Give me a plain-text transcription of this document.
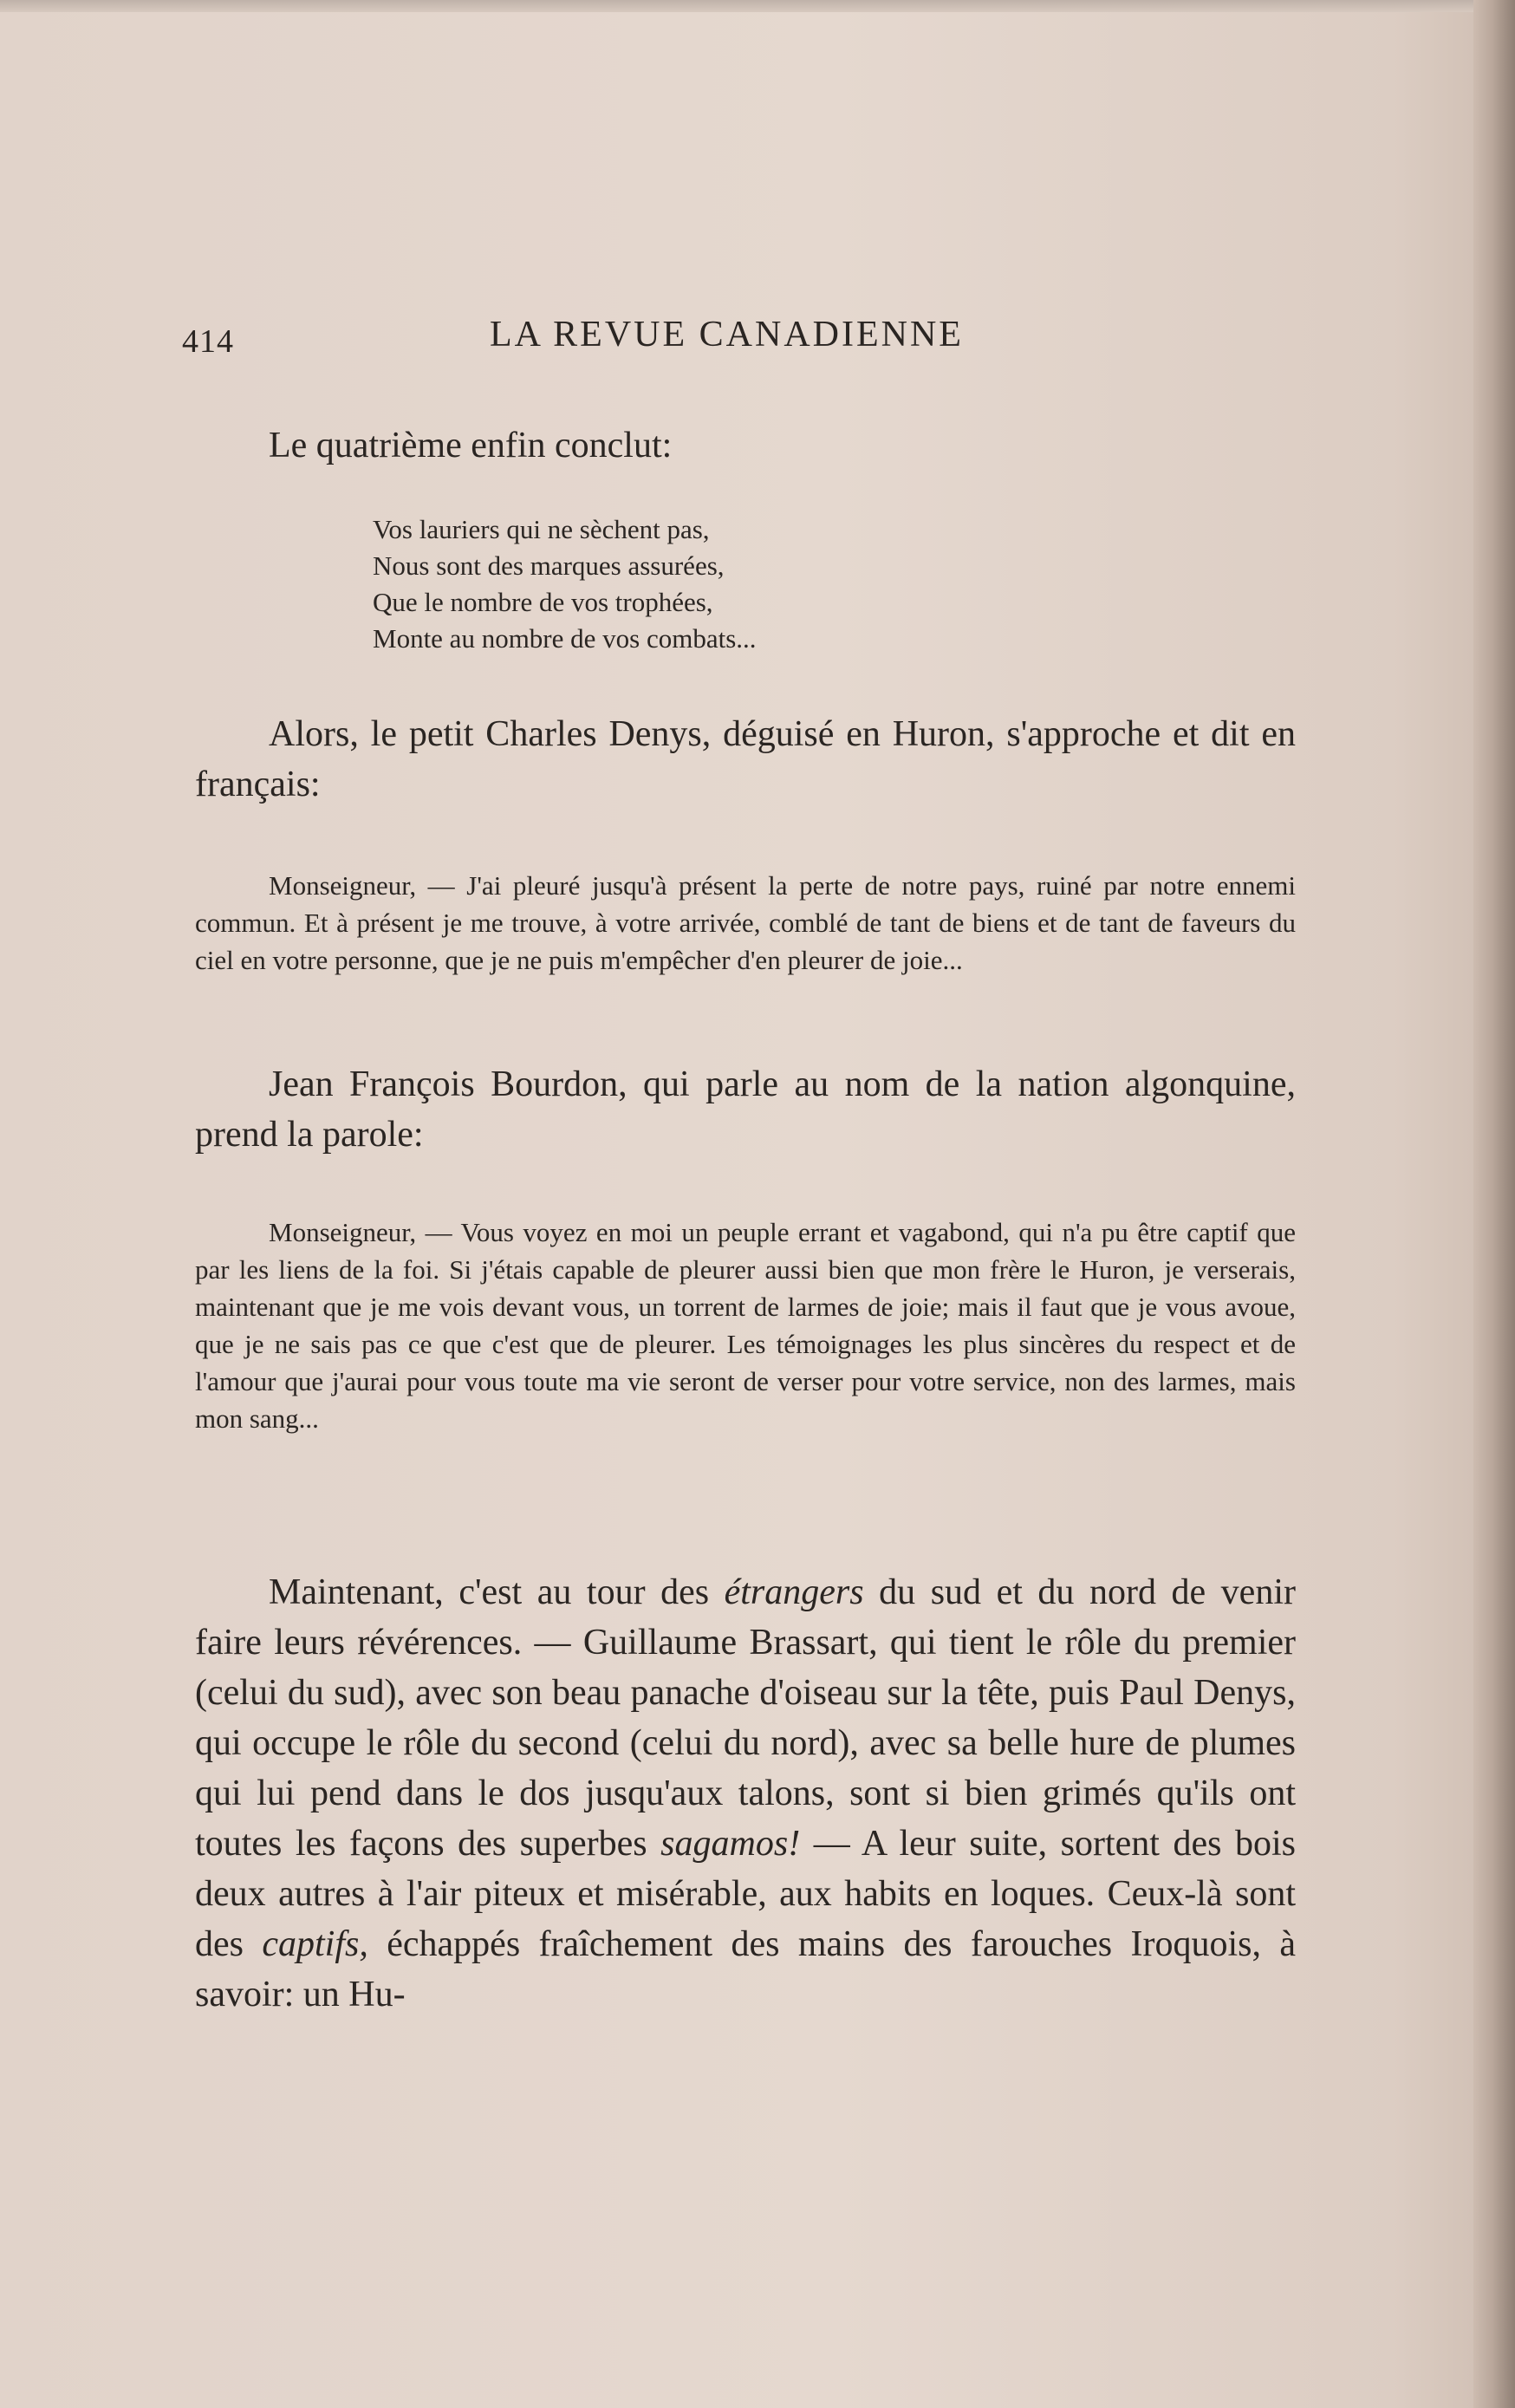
414	LA REVUE CANADIENNE
Le quatrième enfin conclut:
Vos lauriers qui ne sèchent pas,
Nous sont des marques assurées,
Que le nombre de vos trophées,
Monte au nombre de vos combats...
Alors, le petit Charles Denys, déguisé en Huron, s'approche et dit en français:
Monseigneur, — J'ai pleuré jusqu'à présent la perte de notre pays, ruiné par notre ennemi commun. Et à présent je me trouve, à votre arrivée, comblé de tant de biens et de tant de faveurs du ciel en votre personne, que je ne puis m'empêcher d'en pleurer de joie...
Jean François Bourdon, qui parle au nom de la nation algonquine, prend la parole:
Monseigneur, — Vous voyez en moi un peuple errant et vagabond, qui n'a pu être captif que par les liens de la foi. Si j'étais capable de pleurer aussi bien que mon frère le Huron, je verserais, maintenant que je me vois devant vous, un torrent de larmes de joie; mais il faut que je vous avoue, que je ne sais pas ce que c'est que de pleurer. Les témoignages les plus sincères du respect et de l'amour que j'aurai pour vous toute ma vie seront de verser pour votre service, non des larmes, mais mon sang...
Maintenant, c'est au tour des étrangers du sud et du nord de venir faire leurs révérences. — Guillaume Brassart, qui tient le rôle du premier (celui du sud), avec son beau panache d'oiseau sur la tête, puis Paul Denys, qui occupe le rôle du second (celui du nord), avec sa belle hure de plumes qui lui pend dans le dos jusqu'aux talons, sont si bien grimés qu'ils ont toutes les façons des superbes sagamos! — A leur suite, sortent des bois deux autres à l'air piteux et misérable, aux habits en loques. Ceux-là sont des captifs, échappés fraîchement des mains des farouches Iroquois, à savoir: un Hu-
